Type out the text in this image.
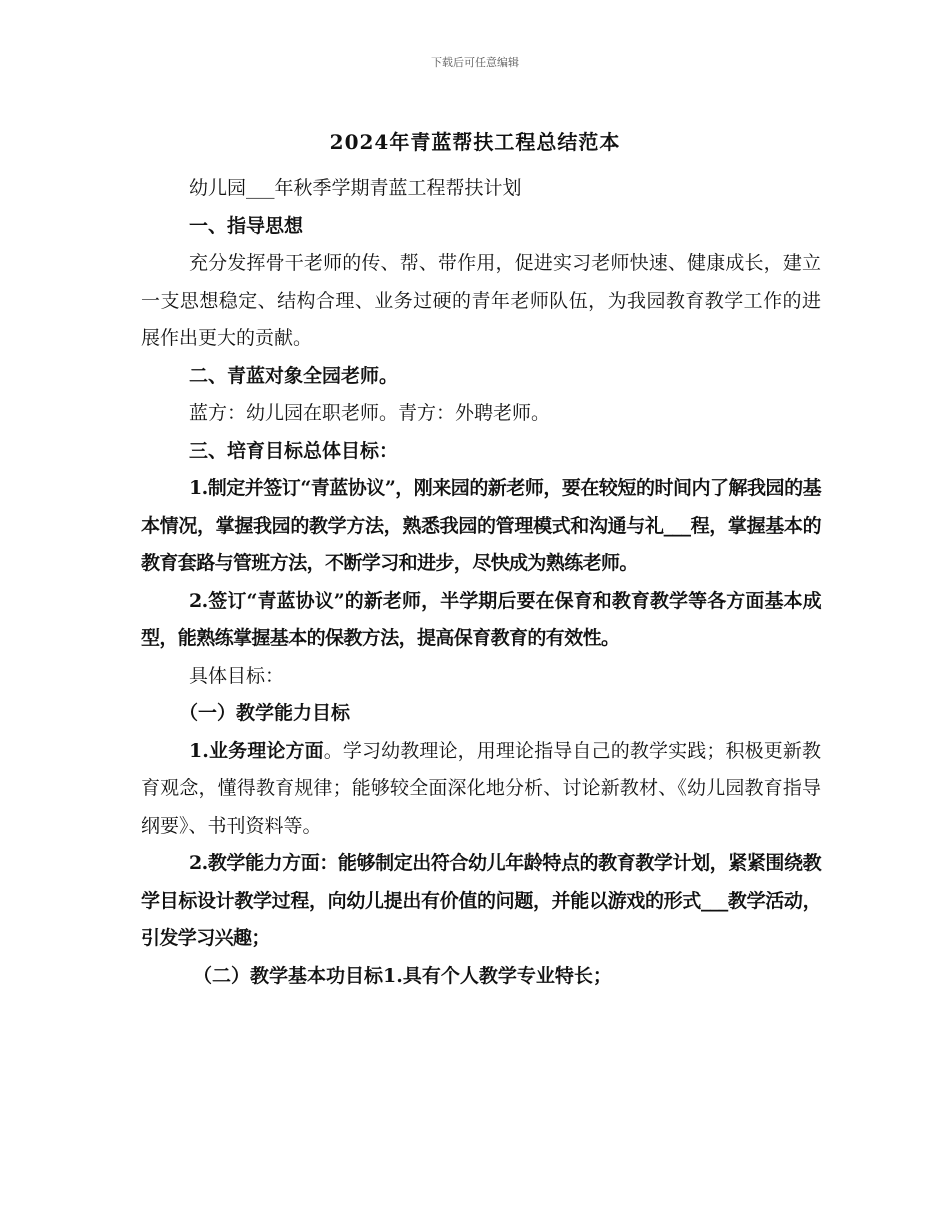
下载后可任意编辑
2024年青蓝帮扶工程总结范本

幼儿园___年秋季学期青蓝工程帮扶计划

一、指导思想

充分发挥骨干老师的传、帮、带作用，促进实习老师快速、健康成长，建立一支思想稳定、结构合理、业务过硬的青年老师队伍，为我园教育教学工作的进展作出更大的贡献。

二、青蓝对象全园老师。

蓝方：幼儿园在职老师。青方：外聘老师。

三、培育目标总体目标：

1.制定并签订“青蓝协议”，刚来园的新老师，要在较短的时间内了解我园的基本情况，掌握我园的教学方法，熟悉我园的管理模式和沟通与礼___程，掌握基本的教育套路与管班方法，不断学习和进步，尽快成为熟练老师。

2.签订“青蓝协议”的新老师，半学期后要在保育和教育教学等各方面基本成型，能熟练掌握基本的保教方法，提高保育教育的有效性。

具体目标：

（一）教学能力目标

1.业务理论方面。学习幼教理论，用理论指导自己的教学实践；积极更新教育观念，懂得教育规律；能够较全面深化地分析、讨论新教材、《幼儿园教育指导纲要》、书刊资料等。

2.教学能力方面：能够制定出符合幼儿年龄特点的教育教学计划，紧紧围绕教学目标设计教学过程，向幼儿提出有价值的问题，并能以游戏的形式___教学活动，引发学习兴趣；

（二）教学基本功目标1.具有个人教学专业特长；
